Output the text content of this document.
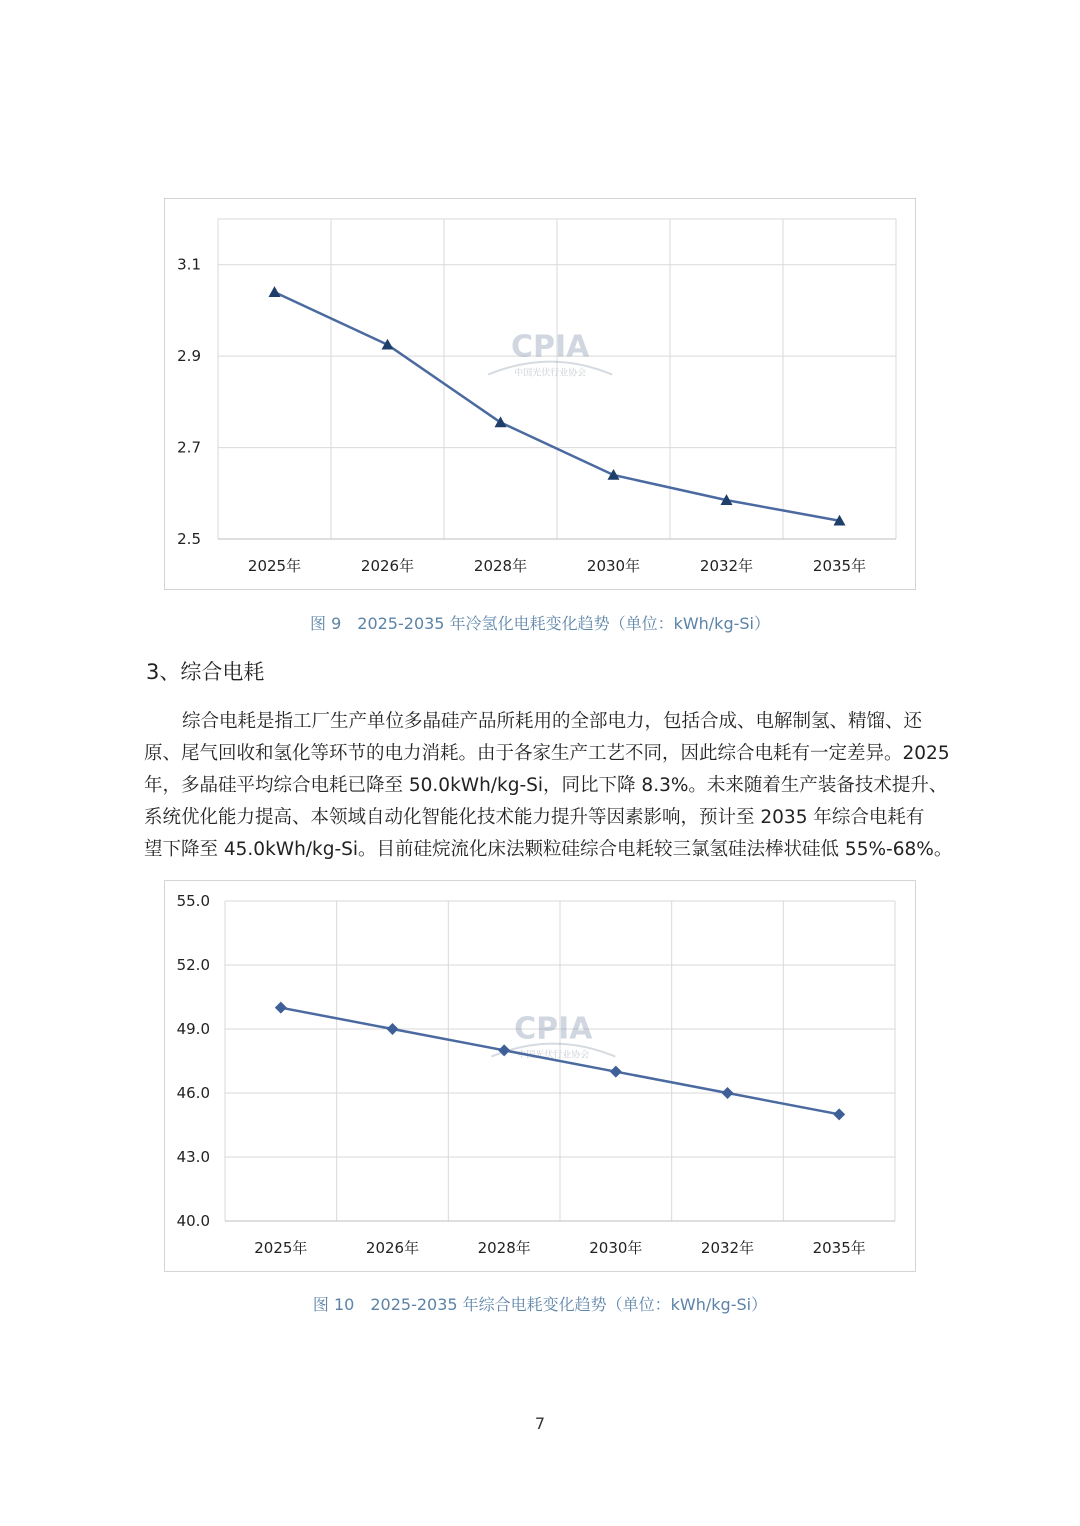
2.5
2.7
2.9
3.1
2025年	2026年	2028年	2030年	2032年	2035年
CPIA
中国光伏行业协会
图 9　2025-2035 年冷氢化电耗变化趋势（单位：kWh/kg-Si）
3、综合电耗
综合电耗是指工厂生产单位多晶硅产品所耗用的全部电力，包括合成、电解制氢、精馏、还
原、尾气回收和氢化等环节的电力消耗。由于各家生产工艺不同，因此综合电耗有一定差异。2025
年，多晶硅平均综合电耗已降至 50.0kWh/kg-Si，同比下降 8.3%。未来随着生产装备技术提升、
系统优化能力提高、本领域自动化智能化技术能力提升等因素影响，预计至 2035 年综合电耗有
望下降至 45.0kWh/kg-Si。目前硅烷流化床法颗粒硅综合电耗较三氯氢硅法棒状硅低 55%-68%。
40.0
43.0
46.0
49.0
52.0
55.0
2025年	2026年	2028年	2030年	2032年	2035年
CPIA
中国光伏行业协会
图 10　2025-2035 年综合电耗变化趋势（单位：kWh/kg-Si）
7
